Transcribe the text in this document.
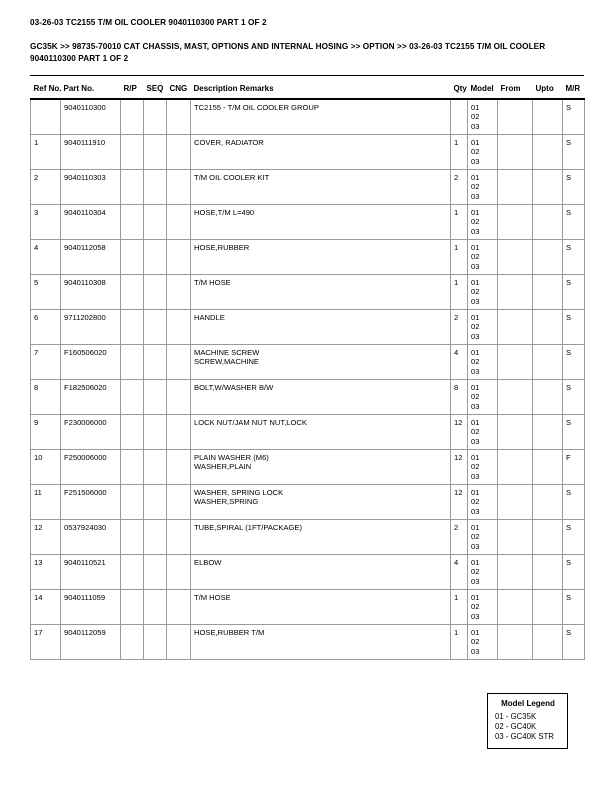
03-26-03 TC2155 T/M OIL COOLER 9040110300 PART 1 OF 2
GC35K >> 98735-70010 CAT CHASSIS, MAST, OPTIONS AND INTERNAL HOSING >> OPTION >> 03-26-03 TC2155 T/M OIL COOLER 9040110300 PART 1 OF 2
Ref No.	Part No.	R/P	SEQ	CNG	Description Remarks	Qty	Model	From	Upto	M/R
	9040110300				TC2155 - T/M OIL COOLER GROUP		01
02
03			S
1	9040111910				COVER, RADIATOR	1	01
02
03			S
2	9040110303				T/M OIL COOLER KIT	2	01
02
03			S
3	9040110304				HOSE,T/M L=490	1	01
02
03			S
4	9040112058				HOSE,RUBBER	1	01
02
03			S
5	9040110308				T/M HOSE	1	01
02
03			S
6	9711202800				HANDLE	2	01
02
03			S
7	F160506020				MACHINE SCREW
SCREW,MACHINE	4	01
02
03			S
8	F182506020				BOLT,W/WASHER B/W	8	01
02
03			S
9	F230006000				LOCK NUT/JAM NUT NUT,LOCK	12	01
02
03			S
10	F250006000				PLAIN WASHER (M6)
WASHER,PLAIN	12	01
02
03			F
11	F251506000				WASHER, SPRING LOCK
WASHER,SPRING	12	01
02
03			S
12	0537924030				TUBE,SPIRAL (1FT/PACKAGE)	2	01
02
03			S
13	9040110521				ELBOW	4	01
02
03			S
14	9040111059				T/M HOSE	1	01
02
03			S
17	9040112059				HOSE,RUBBER T/M	1	01
02
03			S
Model Legend
01 - GC35K
02 - GC40K
03 - GC40K STR
